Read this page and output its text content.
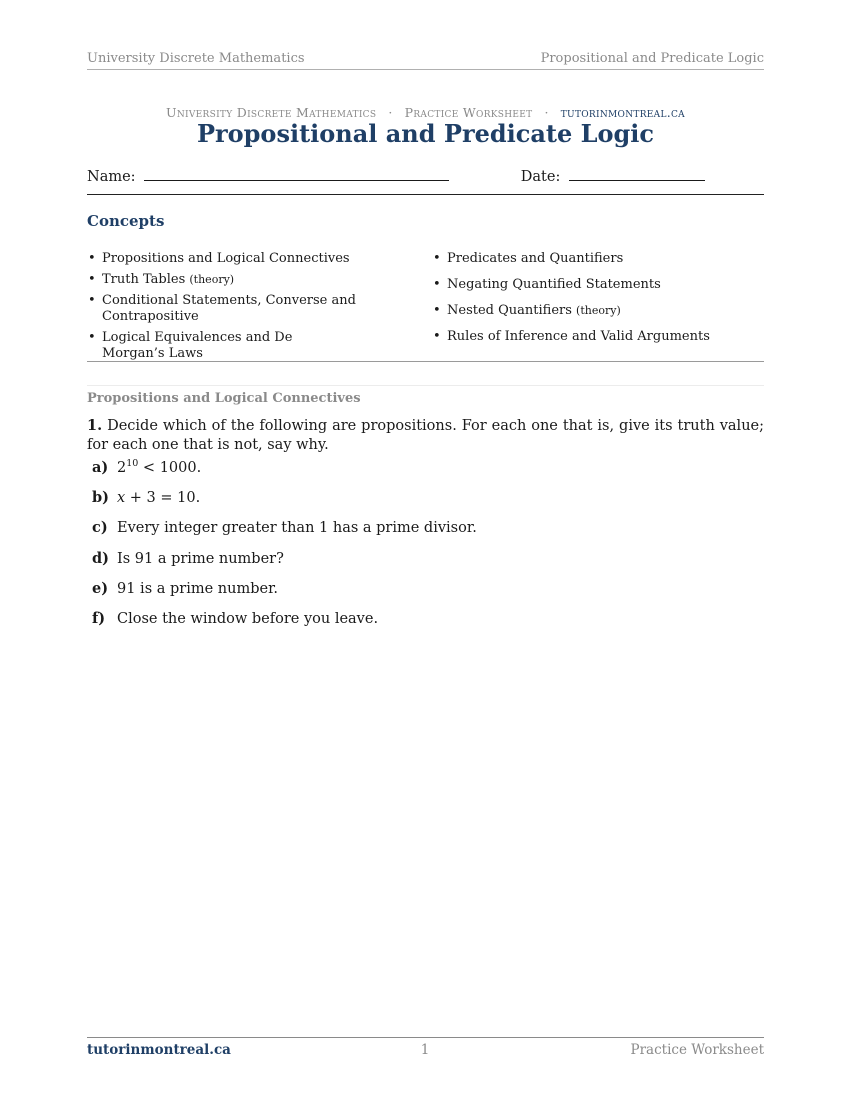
University Discrete Mathematics	Propositional and Predicate Logic
University Discrete Mathematics · Practice Worksheet · tutorinmontreal.ca
Propositional and Predicate Logic
Name:	Date:
Concepts
• Propositions and Logical Connectives
• Truth Tables (theory)
• Conditional Statements, Converse and Contrapositive
• Logical Equivalences and De Morgan’s Laws
• Predicates and Quantifiers
• Negating Quantified Statements
• Nested Quantifiers (theory)
• Rules of Inference and Valid Arguments
Propositions and Logical Connectives
1. Decide which of the following are propositions. For each one that is, give its truth value; for each one that is not, say why.
a) $2^{10} < 1000$.
b) x + 3 = 10.
c) Every integer greater than 1 has a prime divisor.
d) Is 91 a prime number?
e) 91 is a prime number.
f) Close the window before you leave.
tutorinmontreal.ca	1	Practice Worksheet
